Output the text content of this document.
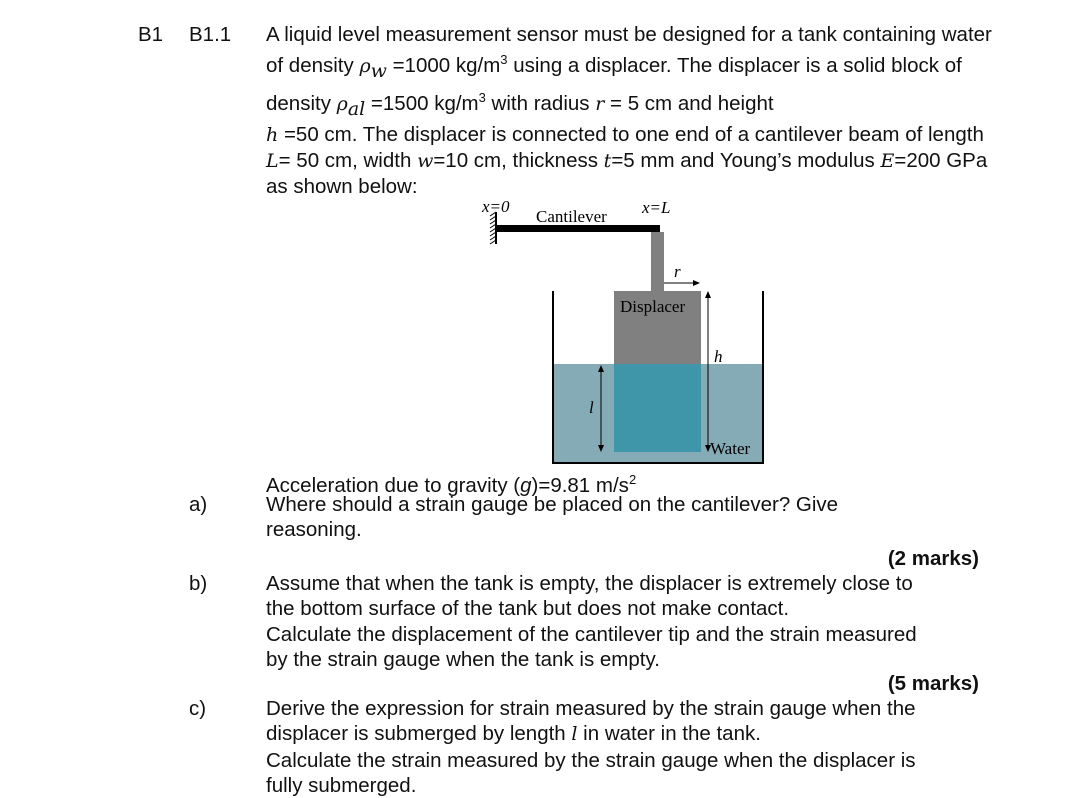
B1 B1.1 A liquid level measurement sensor must be designed for a tank containing water of density $\rho_w =1000$ $kg/m^3$ using a displacer. The displacer is a solid block of density $\rho_{al} =1500$ $kg/m^3$ with radius r = 5 cm and height
h =50 cm. The displacer is connected to one end of a cantilever beam of length L= 50 cm, width w=10 cm, thickness t=5 mm and Young’s modulus E=200 GPa as shown below:
x=0
Cantilever x=L
r
Displacer
h
l
Water
Acceleration due to gravity (g)=9.81 $m/s^2$
a)	Where should a strain gauge be placed on the cantilever? Give
reasoning.
(2 marks)
b)	Assume that when the tank is empty, the displacer is extremely close to
the bottom surface of the tank but does not make contact.
Calculate the displacement of the cantilever tip and the strain measured
by the strain gauge when the tank is empty.
(5 marks)
c)	Derive the expression for strain measured by the strain gauge when the
displacer is submerged by length l in water in the tank.
Calculate the strain measured by the strain gauge when the displacer is
fully submerged.
